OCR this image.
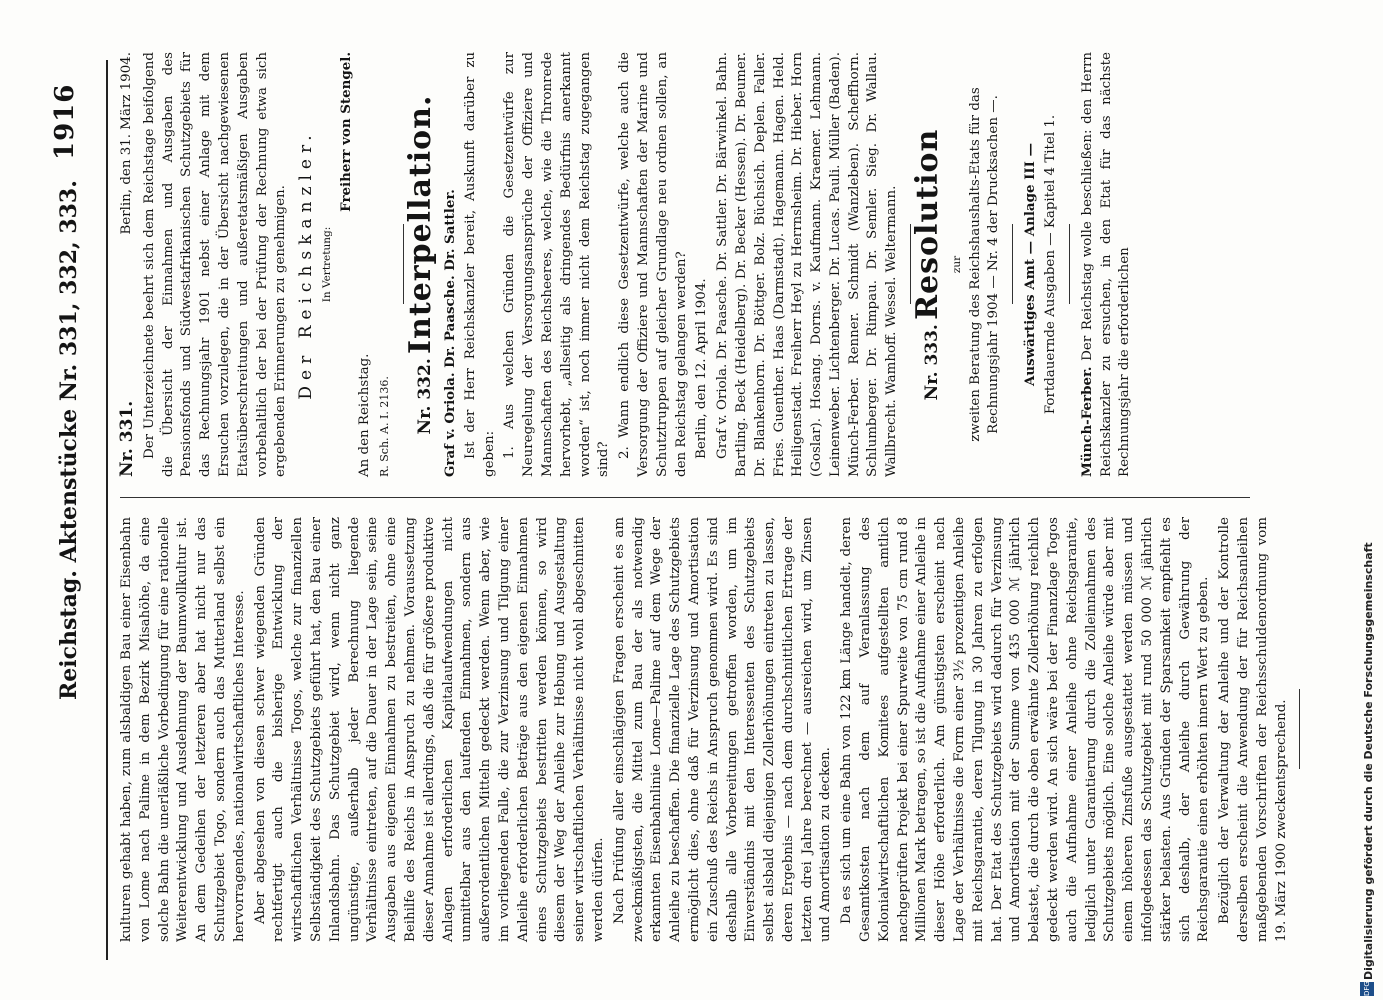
1916
Reichstag. Aktenstücke Nr. 331, 332, 333. Nr. 331.
Berlin, den 31. März 1904. Der Unterzeichnete beehrt sich dem Reichstage beifolgend die Übersicht der Einnahmen und Ausgaben des Pensionsfonds und Südwestafrikanischen Schutzgebiets für das Rechnungsjahr 1901 nebst einer Anlage mit dem Ersuchen vorzulegen, die in der Übersicht nachgewiesenen Etatsüberschreitungen und außeretatsmäßigen Ausgaben vorbehaltlich der bei der Prüfung der Rechnung etwa sich ergebenden Erinnerungen zu genehmigen. Der Reichskanzler. In Vertretung:
Freiherr von Stengel.

An den Reichstag. R. Sch. A. I. 2136. Nr. 332. Interpellation. Graf v. Oriola. Dr. Paasche. Dr. Sattler. Ist der Herr Reichskanzler bereit, Auskunft darüber zu geben: 1. Aus welchen Gründen die Gesetzentwürfe zur Neuregelung der Versorgungsansprüche der Offiziere und Mannschaften des Reichsheeres, welche, wie die Thronrede hervorhebt, „allseitig als dringendes Bedürfnis anerkannt worden“ ist, noch immer nicht dem Reichstag zugegangen sind?

2. Wann endlich diese Gesetzentwürfe, welche auch die Versorgung der Offiziere und Mannschaften der Marine und Schutztruppen auf gleicher Grundlage neu ordnen sollen, an den Reichstag gelangen werden? Berlin, den 12. April 1904. Graf v. Oriola. Dr. Paasche. Dr. Sattler. Dr. Bärwinkel. Bahn. Bartling. Beck (Heidelberg). Dr. Becker (Hessen). Dr. Beumer. Dr. Blankenhorn. Dr. Böttger. Bolz. Büchsich. Deplen. Faller. Fries. Guenther. Haas (Darmstadt). Hagemann. Hagen. Held. Heiligenstadt. Freiherr Heyl zu Herrnsheim. Dr. Hieber. Horn (Goslar). Hosang. Dorns. v. Kaufmann. Kraemer. Lehmann. Leinenweber. Lichtenberger. Dr. Lucas. Pauli. Müller (Baden). Münch-Ferber. Renner. Schmidt (Wanzleben). Scheffhorn. Schlumberger. Dr. Rimpau. Dr. Semler. Sieg. Dr. Wallau. Wallbrecht. Wamhoff. Wessel. Weltermann. Nr. 333. Resolution zur zweiten Beratung des Reichshaushalts-Etats für das Rechnungsjahr 1904 — Nr. 4 der Drucksachen —. Auswärtiges Amt — Anlage III — Fortdauernde Ausgaben — Kapitel 4 Titel 1.

Münch-Ferber. Der Reichstag wolle beschließen: den Herrn Reichskanzler zu ersuchen, in den Etat für das nächste Rechnungsjahr die erforderlichen

kulturen gehabt haben, zum alsbaldigen Bau einer Eisenbahn von Lome nach Palime in dem Bezirk Misahöhe, da eine solche Bahn die unerläßliche Vorbedingung für eine rationelle Weiterentwicklung und Ausdehnung der Baumwollkultur ist. An dem Gedeihen der letzteren aber hat nicht nur das Schutzgebiet Togo, sondern auch das Mutterland selbst ein hervorragendes, nationalwirtschaftliches Interesse. Aber abgesehen von diesen schwer wiegenden Gründen rechtfertigt auch die bisherige Entwicklung der wirtschaftlichen Verhältnisse Togos, welche zur finanziellen Selbständigkeit des Schutzgebiets geführt hat, den Bau einer Inlandsbahn. Das Schutzgebiet wird, wenn nicht ganz ungünstige, außerhalb jeder Berechnung liegende Verhältnisse eintreten, auf die Dauer in der Lage sein, seine Ausgaben aus eigenen Einnahmen zu bestreiten, ohne eine Beihilfe des Reichs in Anspruch zu nehmen. Voraussetzung dieser Annahme ist allerdings, daß die für größere produktive Anlagen erforderlichen Kapitalaufwendungen nicht unmittelbar aus den laufenden Einnahmen, sondern aus außerordentlichen Mitteln gedeckt werden. Wenn aber, wie im vorliegenden Falle, die zur Verzinsung und Tilgung einer Anleihe erforderlichen Beträge aus den eigenen Einnahmen eines Schutzgebiets bestritten werden können, so wird diesem der Weg der Anleihe zur Hebung und Ausgestaltung seiner wirtschaftlichen Verhältnisse nicht wohl abgeschnitten werden dürfen. Nach Prüfung aller einschlägigen Fragen erscheint es am zweckmäßigsten, die Mittel zum Bau der als notwendig erkannten Eisenbahnlinie Lome—Palime auf dem Wege der Anleihe zu beschaffen. Die finanzielle Lage des Schutzgebiets ermöglicht dies, ohne daß für Verzinsung und Amortisation ein Zuschuß des Reichs in Anspruch genommen wird. Es sind deshalb alle Vorbereitungen getroffen worden, um im Einverständnis mit den Interessenten des Schutzgebiets selbst alsbald diejenigen Zollerhöhungen eintreten zu lassen, deren Ergebnis — nach dem durchschnittlichen Ertrage der letzten drei Jahre berechnet — ausreichen wird, um Zinsen und Amortisation zu decken. Da es sich um eine Bahn von 122 km Länge handelt, deren Gesamtkosten nach dem auf Veranlassung des Kolonialwirtschaftlichen Komitees aufgestellten amtlich nachgeprüften Projekt bei einer Spurweite von 75 cm rund 8 Millionen Mark betragen, so ist die Aufnahme einer Anleihe in dieser Höhe erforderlich. Am günstigsten erscheint nach Lage der Verhältnisse die Form einer 3½ prozentigen Anleihe mit Reichsgarantie, deren Tilgung in 30 Jahren zu erfolgen hat. Der Etat des Schutzgebiets wird dadurch für Verzinsung und Amortisation mit der Summe von 435 000 ℳ jährlich belastet, die durch die oben erwähnte Zollerhöhung reichlich gedeckt werden wird. An sich wäre bei der Finanzlage Togos auch die Aufnahme einer Anleihe ohne Reichsgarantie, lediglich unter Garantierung durch die Zolleinnahmen des Schutzgebiets möglich. Eine solche Anleihe würde aber mit einem höheren Zinsfuße ausgestattet werden müssen und infolgedessen das Schutzgebiet mit rund 50 000 ℳ jährlich stärker belasten. Aus Gründen der Sparsamkeit empfiehlt es sich deshalb, der Anleihe durch Gewährung der Reichsgarantie einen erhöhten innern Wert zu geben. Bezüglich der Verwaltung der Anleihe und der Kontrolle derselben erscheint die Anwendung der für Reichsanleihen maßgebenden Vorschriften der Reichsschuldenordnung vom 19. März 1900 zweckentsprechend.

DFG
Digitalisierung gefördert durch die Deutsche Forschungsgemeinschaft
